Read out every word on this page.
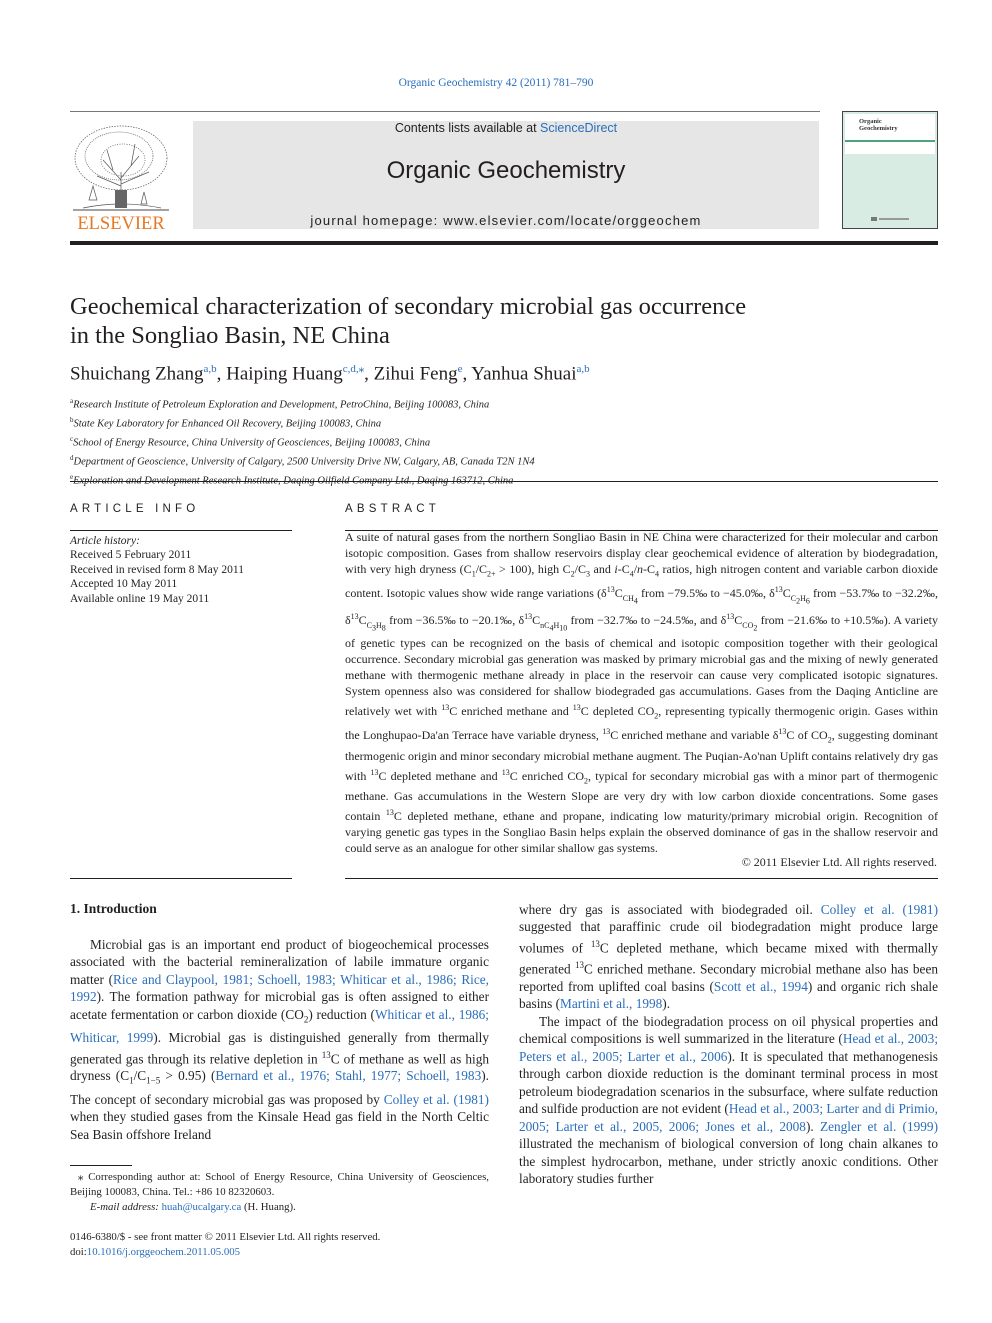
Organic Geochemistry 42 (2011) 781–790
ELSEVIER
Contents lists available at ScienceDirect
Organic Geochemistry
journal homepage: www.elsevier.com/locate/orggeochem
Organic
Geochemistry
Geochemical characterization of secondary microbial gas occurrence
in the Songliao Basin, NE China
Shuichang Zhang$^{a,b}$, Haiping Huang$^{c,d,⁎}$, Zihui Feng$^e$, Yanhua Shuai$^{a,b}$
$^a$Research Institute of Petroleum Exploration and Development, PetroChina, Beijing 100083, China
$^b$State Key Laboratory for Enhanced Oil Recovery, Beijing 100083, China
$^c$School of Energy Resource, China University of Geosciences, Beijing 100083, China
$^d$Department of Geoscience, University of Calgary, 2500 University Drive NW, Calgary, AB, Canada T2N 1N4
$^e$Exploration and Development Research Institute, Daqing Oilfield Company Ltd., Daqing 163712, China
ARTICLE INFO
Article history:
Received 5 February 2011
Received in revised form 8 May 2011
Accepted 10 May 2011
Available online 19 May 2011
ABSTRACT
A suite of natural gases from the northern Songliao Basin in NE China were characterized for their molecular and carbon isotopic composition. Gases from shallow reservoirs display clear geochemical evidence of alteration by biodegradation, with very high dryness $(C_1/C_{2+} > 100)$, high $C_2/C_3$ and $i-C_4/n-C_4$ ratios, high nitrogen content and variable carbon dioxide content. Isotopic values show wide range variations ($\delta^{13}C_{CH_4}$ from −79.5‰ to −45.0‰, $\delta^{13}C_{C_2H_6}$ from −53.7‰ to −32.2‰, $\delta^{13}C_{C_3H_8}$ from −36.5‰ to −20.1‰, $\delta^{13}C_{nC_4H_{10}}$ from −32.7‰ to −24.5‰, and $\delta^{13}C_{CO_2}$ from −21.6‰ to +10.5‰). A variety of genetic types can be recognized on the basis of chemical and isotopic composition together with their geological occurrence. Secondary microbial gas generation was masked by primary microbial gas and the mixing of newly generated methane with thermogenic methane already in place in the reservoir can cause very complicated isotopic signatures. System openness also was considered for shallow biodegraded gas accumulations. Gases from the Daqing Anticline are relatively wet with $^{13}$C enriched methane and $^{13}$C depleted $CO_2$, representing typically thermogenic origin. Gases within the Longhupao-Da'an Terrace have variable dryness, $^{13}$C enriched methane and variable $\delta^{13}C$ of $CO_2$, suggesting dominant thermogenic origin and minor secondary microbial methane augment. The Puqian-Ao'nan Uplift contains relatively dry gas with $^{13}$C depleted methane and $^{13}$C enriched $CO_2$, typical for secondary microbial gas with a minor part of thermogenic methane. Gas accumulations in the Western Slope are very dry with low carbon dioxide concentrations. Some gases contain $^{13}$C depleted methane, ethane and propane, indicating low maturity/primary microbial origin. Recognition of varying genetic gas types in the Songliao Basin helps explain the observed dominance of gas in the shallow reservoir and could serve as an analogue for other similar shallow gas systems.
© 2011 Elsevier Ltd. All rights reserved.
1. Introduction

Microbial gas is an important end product of biogeochemical processes associated with the bacterial remineralization of labile immature organic matter (Rice and Claypool, 1981; Schoell, 1983; Whiticar et al., 1986; Rice, 1992). The formation pathway for microbial gas is often assigned to either acetate fermentation or carbon dioxide $(CO_2)$ reduction (Whiticar et al., 1986; Whiticar, 1999). Microbial gas is distinguished generally from thermally generated gas through its relative depletion in $^{13}$C of methane as well as high dryness $(C_1/C_{1-5} > 0.95)$ (Bernard et al., 1976; Stahl, 1977; Schoell, 1983). The concept of secondary microbial gas was proposed by Colley et al. (1981) when they studied gases from the Kinsale Head gas field in the North Celtic Sea Basin offshore Ireland

⁎ Corresponding author at: School of Energy Resource, China University of Geosciences, Beijing 100083, China. Tel.: +86 10 82320603.
E-mail address: huah@ucalgary.ca (H. Huang).
0146-6380/$ - see front matter © 2011 Elsevier Ltd. All rights reserved.
doi:10.1016/j.orggeochem.2011.05.005

where dry gas is associated with biodegraded oil. Colley et al. (1981) suggested that paraffinic crude oil biodegradation might produce large volumes of $^{13}$C depleted methane, which became mixed with thermally generated $^{13}$C enriched methane. Secondary microbial methane also has been reported from uplifted coal basins (Scott et al., 1994) and organic rich shale basins (Martini et al., 1998).

The impact of the biodegradation process on oil physical properties and chemical compositions is well summarized in the literature (Head et al., 2003; Peters et al., 2005; Larter et al., 2006). It is speculated that methanogenesis through carbon dioxide reduction is the dominant terminal process in most petroleum biodegradation scenarios in the subsurface, where sulfate reduction and sulfide production are not evident (Head et al., 2003; Larter and di Primio, 2005; Larter et al., 2005, 2006; Jones et al., 2008). Zengler et al. (1999) illustrated the mechanism of biological conversion of long chain alkanes to the simplest hydrocarbon, methane, under strictly anoxic conditions. Other laboratory studies further
